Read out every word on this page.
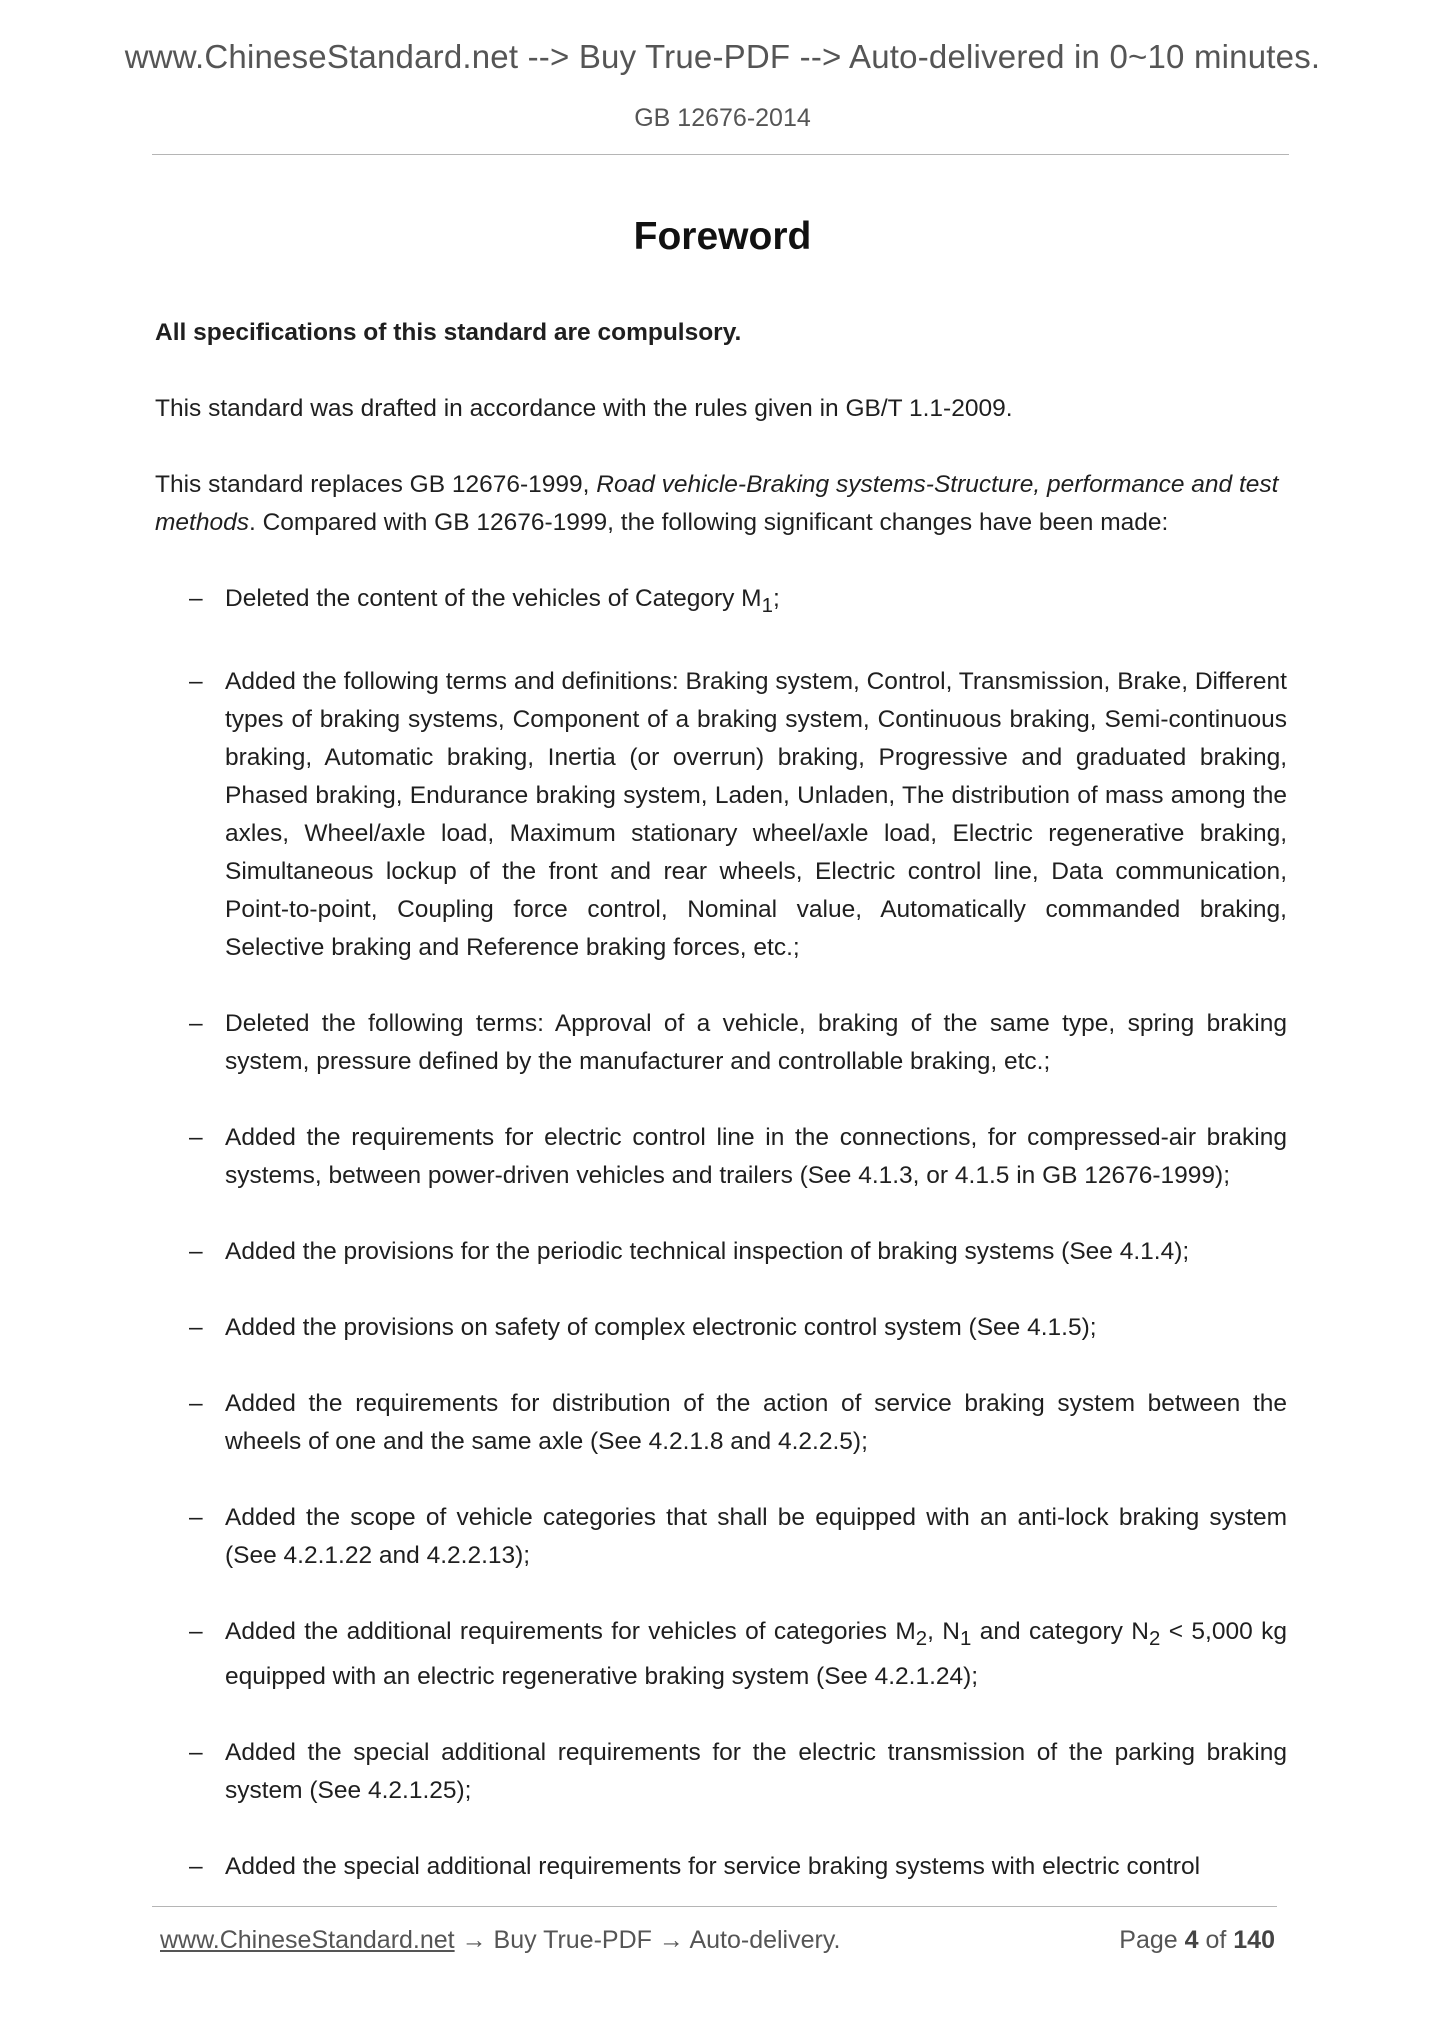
www.ChineseStandard.net --> Buy True-PDF --> Auto-delivered in 0~10 minutes.
GB 12676-2014
Foreword

All specifications of this standard are compulsory.

This standard was drafted in accordance with the rules given in GB/T 1.1-2009.

This standard replaces GB 12676-1999, Road vehicle-Braking systems-Structure, performance and test methods. Compared with GB 12676-1999, the following significant changes have been made:

– Deleted the content of the vehicles of Category $M_1$;
– Added the following terms and definitions: Braking system, Control, Transmission, Brake, Different types of braking systems, Component of a braking system, Continuous braking, Semi-continuous braking, Automatic braking, Inertia (or overrun) braking, Progressive and graduated braking, Phased braking, Endurance braking system, Laden, Unladen, The distribution of mass among the axles, Wheel/axle load, Maximum stationary wheel/axle load, Electric regenerative braking, Simultaneous lockup of the front and rear wheels, Electric control line, Data communication, Point-to-point, Coupling force control, Nominal value, Automatically commanded braking, Selective braking and Reference braking forces, etc.;
– Deleted the following terms: Approval of a vehicle, braking of the same type, spring braking system, pressure defined by the manufacturer and controllable braking, etc.;
– Added the requirements for electric control line in the connections, for compressed-air braking systems, between power-driven vehicles and trailers (See 4.1.3, or 4.1.5 in GB 12676-1999);
– Added the provisions for the periodic technical inspection of braking systems (See 4.1.4);
– Added the provisions on safety of complex electronic control system (See 4.1.5);
– Added the requirements for distribution of the action of service braking system between the wheels of one and the same axle (See 4.2.1.8 and 4.2.2.5);
– Added the scope of vehicle categories that shall be equipped with an anti-lock braking system (See 4.2.1.22 and 4.2.2.13);
– Added the additional requirements for vehicles of categories $M_2$, $N_1$ and category $N_2 < 5,000$ kg equipped with an electric regenerative braking system (See 4.2.1.24);
– Added the special additional requirements for the electric transmission of the parking braking system (See 4.2.1.25);
– Added the special additional requirements for service braking systems with electric control
www.ChineseStandard.net → Buy True-PDF → Auto-delivery.	Page 4 of 140
